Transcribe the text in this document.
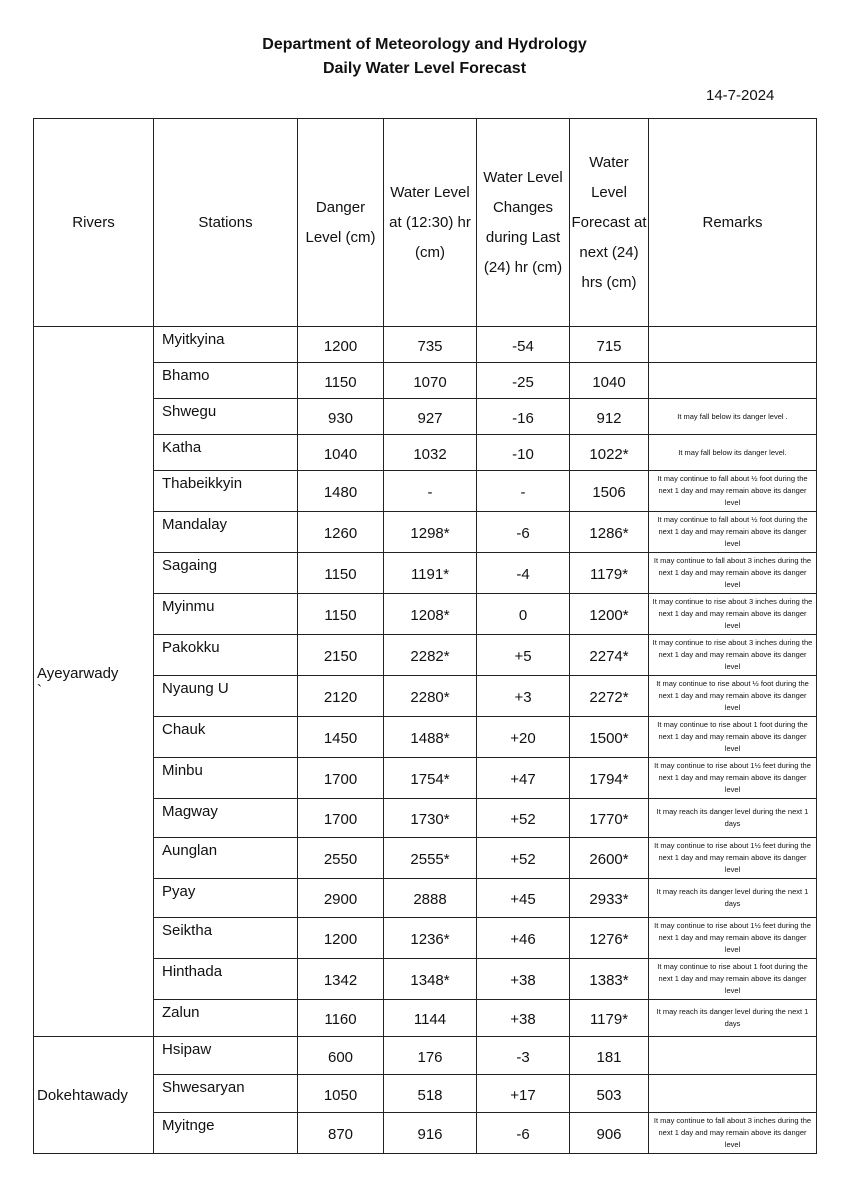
Department of Meteorology and Hydrology
Daily Water Level Forecast
14-7-2024
Rivers	Stations	Danger Level (cm)	Water Level at (12:30) hr (cm)	Water Level Changes during Last (24) hr (cm)	Water Level Forecast at next (24) hrs (cm)	Remarks

Ayeyarwady
`	Myitkyina	1200	735	-54	715	
	Bhamo	1150	1070	-25	1040	
	Shwegu	930	927	-16	912	It may fall below its danger level .
	Katha	1040	1032	-10	1022*	It may fall below its danger level.
	Thabeikkyin	1480	-	-	1506	It may continue to fall about ½ foot during the next 1 day and may remain above its danger level
	Mandalay	1260	1298*	-6	1286*	It may continue to fall about ½ foot during the next 1 day and may remain above its danger level
	Sagaing	1150	1191*	-4	1179*	It may continue to fall about 3 inches during the next 1 day and may remain above its danger level
	Myinmu	1150	1208*	0	1200*	It may continue to rise about 3 inches during the next 1 day and may remain above its danger level
	Pakokku	2150	2282*	+5	2274*	It may continue to rise about 3 inches during the next 1 day and may remain above its danger level
	Nyaung U	2120	2280*	+3	2272*	It may continue to rise about ½ foot during the next 1 day and may remain above its danger level
	Chauk	1450	1488*	+20	1500*	It may continue to rise about 1 foot during the next 1 day and may remain above its danger level
	Minbu	1700	1754*	+47	1794*	It may continue to rise about 1½ feet during the next 1 day and may remain above its danger level
	Magway	1700	1730*	+52	1770*	It may reach its danger level during the next 1 days
	Aunglan	2550	2555*	+52	2600*	It may continue to rise about 1½ feet during the next 1 day and may remain above its danger level
	Pyay	2900	2888	+45	2933*	It may reach its danger level during the next 1 days
	Seiktha	1200	1236*	+46	1276*	It may continue to rise about 1½ feet during the next 1 day and may remain above its danger level
	Hinthada	1342	1348*	+38	1383*	It may continue to rise about 1 foot during the next 1 day and may remain above its danger level
	Zalun	1160	1144	+38	1179*	It may reach its danger level during the next 1 days

Dokehtawady	Hsipaw	600	176	-3	181	
	Shwesaryan	1050	518	+17	503	
	Myitnge	870	916	-6	906	It may continue to fall about 3 inches during the next 1 day and may remain above its danger level
